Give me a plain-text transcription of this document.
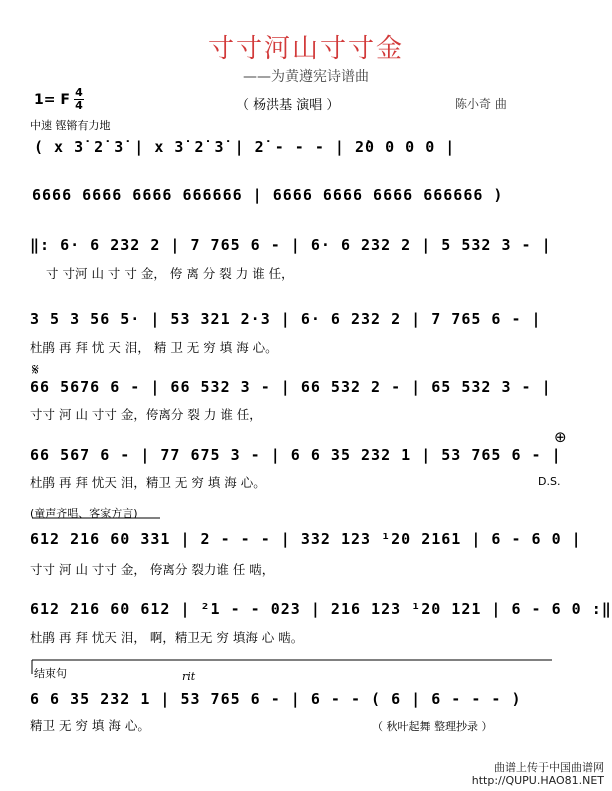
寸寸河山寸寸金
——为黄遵宪诗谱曲
1= F 4
4	（ 杨洪基 演唱 ）	陈小奇 曲
中速 铿锵有力地
( x 3̇ 2̇ 3̇ | x 3̇ 2̇ 3̇ | 2̇ - - - | 2̇0 0 0 0 |
6666 6666 6666 666666 | 6666 6666 6666 666666 )
‖: 6· 6 232 2 | 7 765 6 - | 6· 6 232 2 | 5 532 3 - |
寸 寸河 山 寸 寸 金， 侉 离 分 裂 力 谁 任，
3 5 3 56 5· | 53 321 2·3 | 6· 6 232 2 | 7 765 6 - |
杜鹃 再 拜 忧 天 泪， 精 卫 无 穷 填 海 心。
𝄋
66 5676 6 - | 66 532 3 - | 66 532 2 - | 65 532 3 - |
寸寸 河 山 寸寸 金，侉离分 裂 力 谁 任，
⊕
66 567 6 - | 77 675 3 - | 6 6 35 232 1 | 53 765 6 - |
杜鹃 再 拜 忧天 泪，精卫 无 穷 填 海 心。	D.S.
(童声齐唱、客家方言)
612 216 60 331 | 2 - - - | 332 123 ¹20 2161 | 6 - 6 0 |
寸寸 河 山 寸寸 金， 侉离分 裂力谁 任 啮，
612 216 60 612 | ²1 - - 023 | 216 123 ¹20 121 | 6 - 6 0 :‖
杜鹃 再 拜 忧天 泪， 啊，精卫无 穷 填海 心 啮。
结束句	rit
6 6 35 232 1 | 53 765 6 - | 6 - - ( 6 | 6 - - - )
精卫 无 穷 填 海 心。	（ 秋叶起舞 整理抄录 ）
曲谱上传于中国曲谱网
http://QUPU.HAO81.NET
